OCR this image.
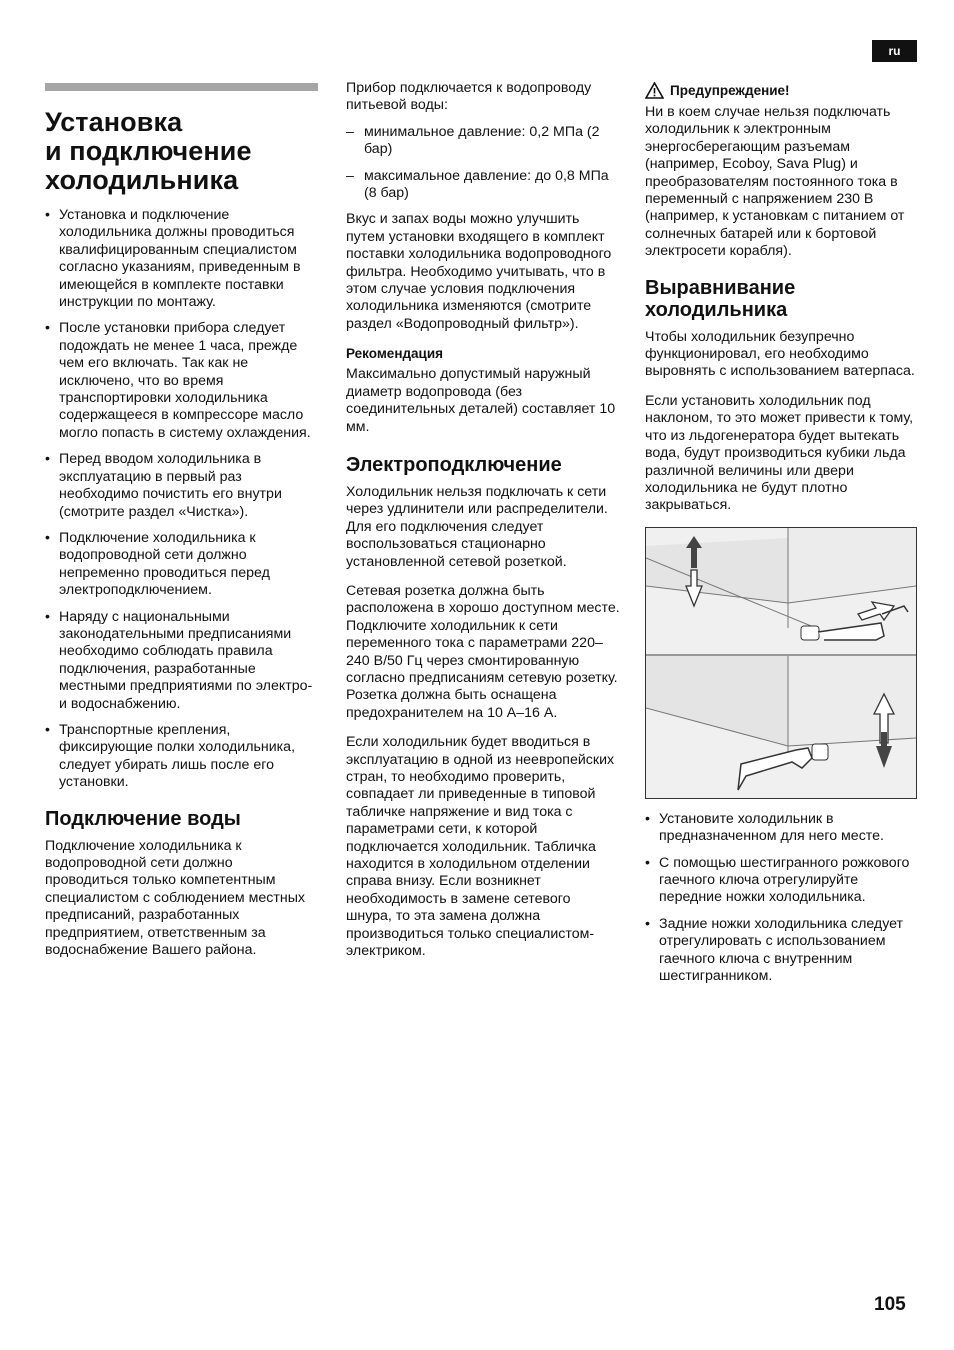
ru
Установка
и подключение
холодильника
• Установка и подключение холодильника должны проводиться квалифицированным специалистом согласно указаниям, приведенным в имеющейся в комплекте поставки инструкции по монтажу.
• После установки прибора следует подождать не менее 1 часа, прежде чем его включать. Так как не исключено, что во время транспортировки холодильника содержащееся в компрессоре масло могло попасть в систему охлаждения.
• Перед вводом холодильника в эксплуатацию в первый раз необходимо почистить его внутри (смотрите раздел «Чистка»).
• Подключение холодильника к водопроводной сети должно непременно проводиться перед электроподключением.
• Наряду с национальными законодательными предписаниями необходимо соблюдать правила подключения, разработанные местными предприятиями по электро- и водоснабжению.
• Транспортные крепления, фиксирующие полки холодильника, следует убирать лишь после его установки.
Подключение воды

Подключение холодильника к водопроводной сети должно проводиться только компетентным специалистом с соблюдением местных предписаний, разработанных предприятием, ответственным за водоснабжение Вашего района.

Прибор подключается к водопроводу питьевой воды:

– минимальное давление: 0,2 МПа (2 бар)
– максимальное давление: до 0,8 МПа (8 бар)

Вкус и запах воды можно улучшить путем установки входящего в комплект поставки холодильника водопроводного фильтра. Необходимо учитывать, что в этом случае условия подключения холодильника изменяются (смотрите раздел «Водопроводный фильтр»).

Рекомендация

Максимально допустимый наружный диаметр водопровода (без соединительных деталей) составляет 10 мм.

Электроподключение

Холодильник нельзя подключать к сети через удлинители или распределители. Для его подключения следует воспользоваться стационарно установленной сетевой розеткой.

Сетевая розетка должна быть расположена в хорошо доступном месте. Подключите холодильник к сети переменного тока с параметрами 220–240 В/50 Гц через смонтированную согласно предписаниям сетевую розетку. Розетка должна быть оснащена предохранителем на 10 А–16 А.

Если холодильник будет вводиться в эксплуатацию в одной из неевропейских стран, то необходимо проверить, совпадает ли приведенные в типовой табличке напряжение и вид тока с параметрами сети, к которой подключается холодильник. Табличка находится в холодильном отделении справа внизу. Если возникнет необходимость в замене сетевого шнура, то эта замена должна производиться только специалистом-электриком.

Предупреждение!

Ни в коем случае нельзя подключать холодильник к электронным энергосберегающим разъемам (например, Ecoboy, Sava Plug) и преобразователям постоянного тока в переменный с напряжением 230 В (например, к установкам с питанием от солнечных батарей или к бортовой электросети корабля).

Выравнивание холодильника

Чтобы холодильник безупречно функционировал, его необходимо выровнять с использованием ватерпаса.

Если установить холодильник под наклоном, то это может привести к тому, что из льдогенератора будет вытекать вода, будут производиться кубики льда различной величины или двери холодильника не будут плотно закрываться.

• Установите холодильник в предназначенном для него месте.
• С помощью шестигранного рожкового гаечного ключа отрегулируйте передние ножки холодильника.
• Задние ножки холодильника следует отрегулировать с использованием гаечного ключа с внутренним шестигранником.
105
